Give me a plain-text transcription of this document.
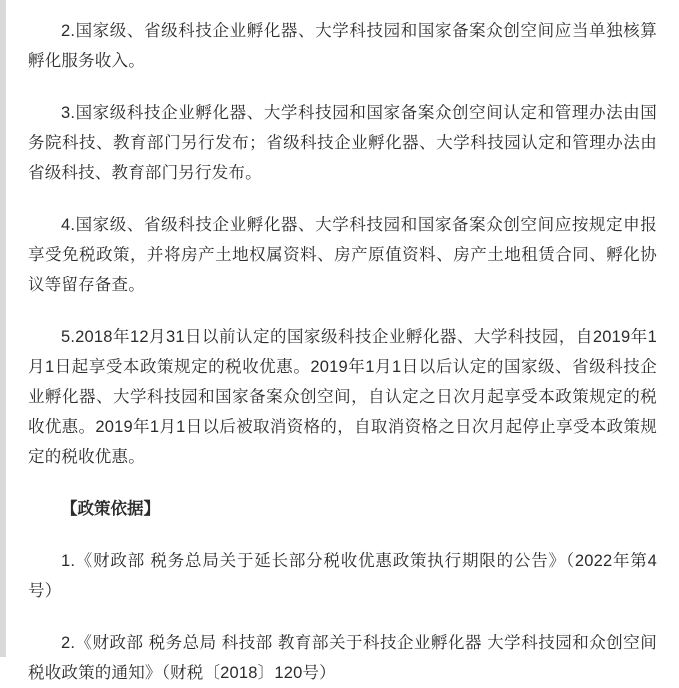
2.国家级、省级科技企业孵化器、大学科技园和国家备案众创空间应当单独核算孵化服务收入。

3.国家级科技企业孵化器、大学科技园和国家备案众创空间认定和管理办法由国务院科技、教育部门另行发布；省级科技企业孵化器、大学科技园认定和管理办法由省级科技、教育部门另行发布。

4.国家级、省级科技企业孵化器、大学科技园和国家备案众创空间应按规定申报享受免税政策，并将房产土地权属资料、房产原值资料、房产土地租赁合同、孵化协议等留存备查。

5.2018年12月31日以前认定的国家级科技企业孵化器、大学科技园，自2019年1月1日起享受本政策规定的税收优惠。2019年1月1日以后认定的国家级、省级科技企业孵化器、大学科技园和国家备案众创空间，自认定之日次月起享受本政策规定的税收优惠。2019年1月1日以后被取消资格的，自取消资格之日次月起停止享受本政策规定的税收优惠。

【政策依据】

1.《财政部 税务总局关于延长部分税收优惠政策执行期限的公告》（2022年第4号）

2.《财政部 税务总局 科技部 教育部关于科技企业孵化器 大学科技园和众创空间税收政策的通知》（财税〔2018〕120号）
